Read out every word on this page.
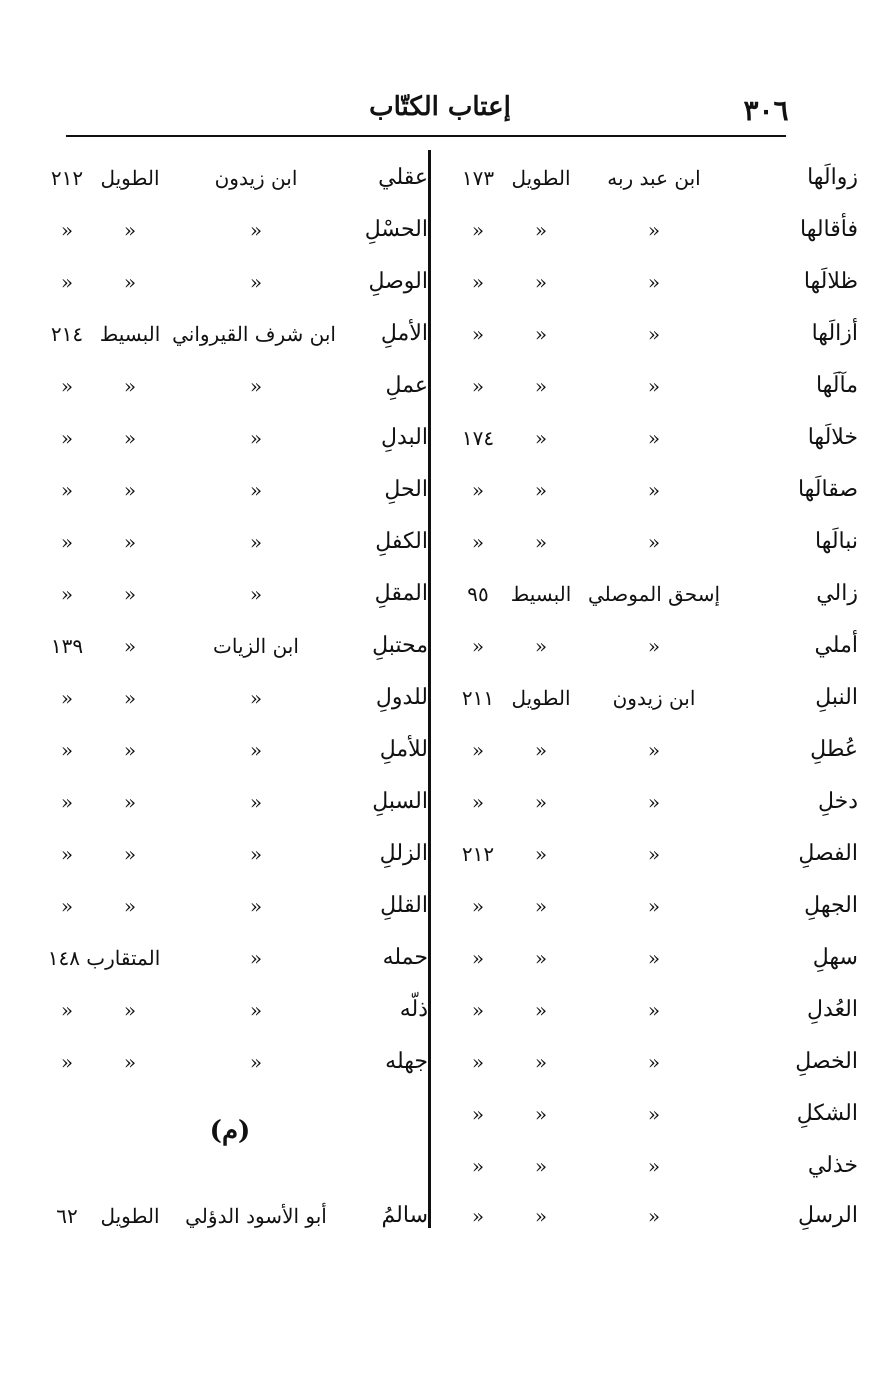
٣٠٦
إعتاب الكتّاب
زوالَها
ابن عبد ربه
الطويل
١٧٣
فأقالها
«
«
«
ظلالَها
«
«
«
أزالَها
«
«
«
مآلَها
«
«
«
خلالَها
«
«
١٧٤
صقالَها
«
«
«
نبالَها
«
«
«
زالي
إسحق الموصلي
البسيط
٩٥
أملي
«
«
«
النبلِ
ابن زيدون
الطويل
٢١١
عُطلِ
«
«
«
دخلِ
«
«
«
الفصلِ
«
«
٢١٢
الجهلِ
«
«
«
سهلِ
«
«
«
العُدلِ
«
«
«
الخصلِ
«
«
«
الشكلِ
«
«
«
خذلي
«
«
«
الرسلِ
«
«
«
عقلي
ابن زيدون
الطويل
٢١٢
الحسْلِ
«
«
«
الوصلِ
«
«
«
الأملِ
ابن شرف القيرواني
البسيط
٢١٤
عملِ
«
«
«
البدلِ
«
«
«
الحلِ
«
«
«
الكفلِ
«
«
«
المقلِ
«
«
«
محتبلِ
ابن الزيات
«
١٣٩
للدولِ
«
«
«
للأملِ
«
«
«
السبلِ
«
«
«
الزللِ
«
«
«
القللِ
«
«
«
حمله
«
المتقارب ١٤٨
ذلّه
«
«
«
جهله
«
«
«
(م)
سالمُ
أبو الأسود الدؤلي
الطويل
٦٢
